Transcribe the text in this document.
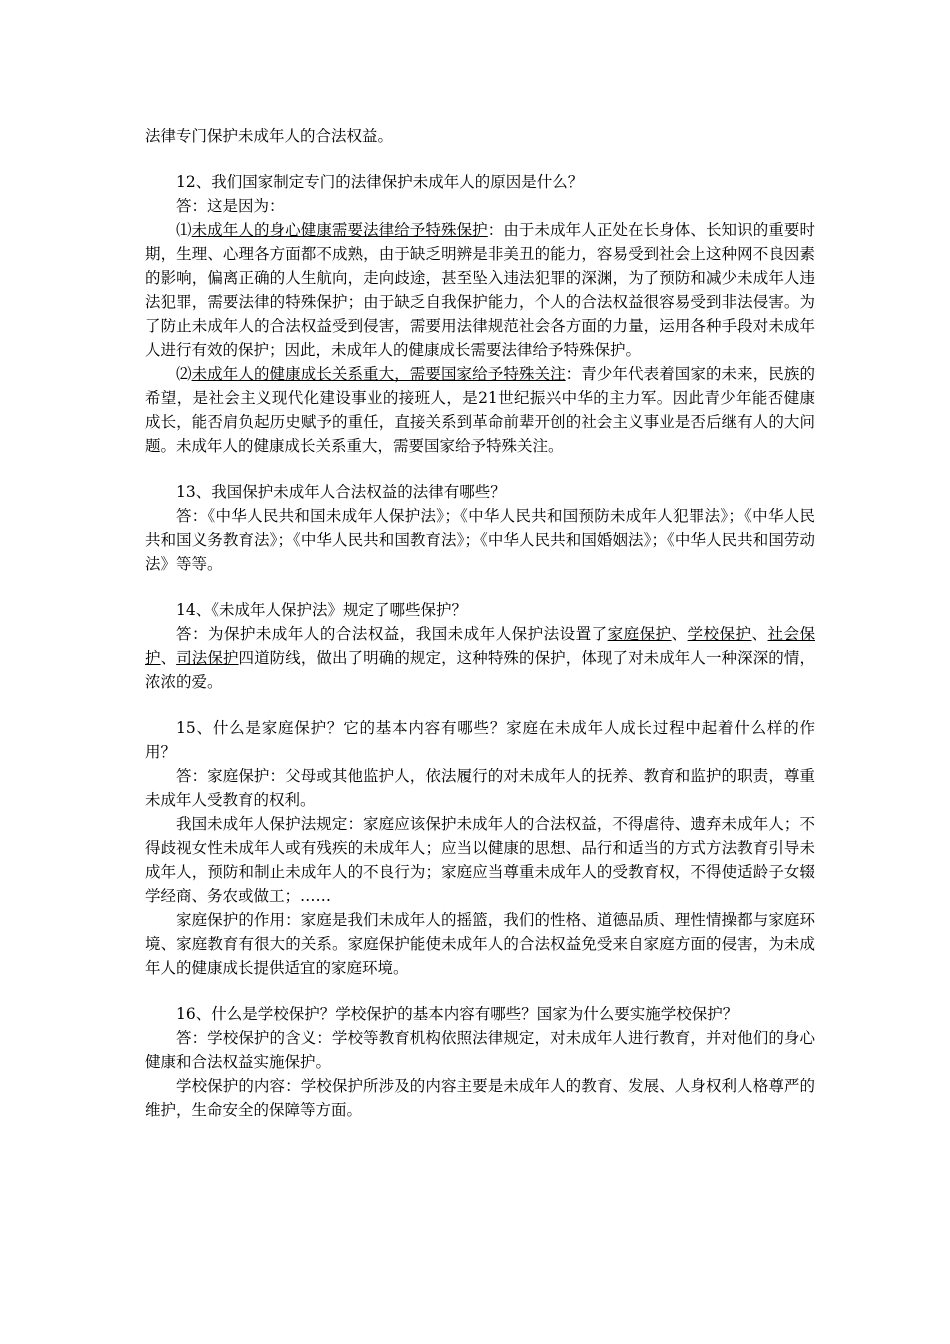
法律专门保护未成年人的合法权益。

12、我们国家制定专门的法律保护未成年人的原因是什么？

答：这是因为：

⑴未成年人的身心健康需要法律给予特殊保护：由于未成年人正处在长身体、长知识的重要时期，生理、心理各方面都不成熟，由于缺乏明辨是非美丑的能力，容易受到社会上这种网不良因素的影响，偏离正确的人生航向，走向歧途，甚至坠入违法犯罪的深渊，为了预防和减少未成年人违法犯罪，需要法律的特殊保护；由于缺乏自我保护能力，个人的合法权益很容易受到非法侵害。为了防止未成年人的合法权益受到侵害，需要用法律规范社会各方面的力量，运用各种手段对未成年人进行有效的保护；因此，未成年人的健康成长需要法律给予特殊保护。

⑵未成年人的健康成长关系重大，需要国家给予特殊关注：青少年代表着国家的未来，民族的希望，是社会主义现代化建设事业的接班人，是21世纪振兴中华的主力军。因此青少年能否健康成长，能否肩负起历史赋予的重任，直接关系到革命前辈开创的社会主义事业是否后继有人的大问题。未成年人的健康成长关系重大，需要国家给予特殊关注。

13、我国保护未成年人合法权益的法律有哪些？

答：《中华人民共和国未成年人保护法》；《中华人民共和国预防未成年人犯罪法》；《中华人民共和国义务教育法》；《中华人民共和国教育法》；《中华人民共和国婚姻法》；《中华人民共和国劳动法》等等。

14、《未成年人保护法》规定了哪些保护？

答：为保护未成年人的合法权益，我国未成年人保护法设置了家庭保护、学校保护、社会保护、司法保护四道防线，做出了明确的规定，这种特殊的保护，体现了对未成年人一种深深的情，浓浓的爱。

15、什么是家庭保护？它的基本内容有哪些？家庭在未成年人成长过程中起着什么样的作用？

答：家庭保护：父母或其他监护人，依法履行的对未成年人的抚养、教育和监护的职责，尊重未成年人受教育的权利。

我国未成年人保护法规定：家庭应该保护未成年人的合法权益，不得虐待、遗弃未成年人；不得歧视女性未成年人或有残疾的未成年人；应当以健康的思想、品行和适当的方式方法教育引导未成年人，预防和制止未成年人的不良行为；家庭应当尊重未成年人的受教育权，不得使适龄子女辍学经商、务农或做工；……

家庭保护的作用：家庭是我们未成年人的摇篮，我们的性格、道德品质、理性情操都与家庭环境、家庭教育有很大的关系。家庭保护能使未成年人的合法权益免受来自家庭方面的侵害，为未成年人的健康成长提供适宜的家庭环境。

16、什么是学校保护？学校保护的基本内容有哪些？国家为什么要实施学校保护？

答：学校保护的含义：学校等教育机构依照法律规定，对未成年人进行教育，并对他们的身心健康和合法权益实施保护。

学校保护的内容：学校保护所涉及的内容主要是未成年人的教育、发展、人身权利人格尊严的维护，生命安全的保障等方面。
